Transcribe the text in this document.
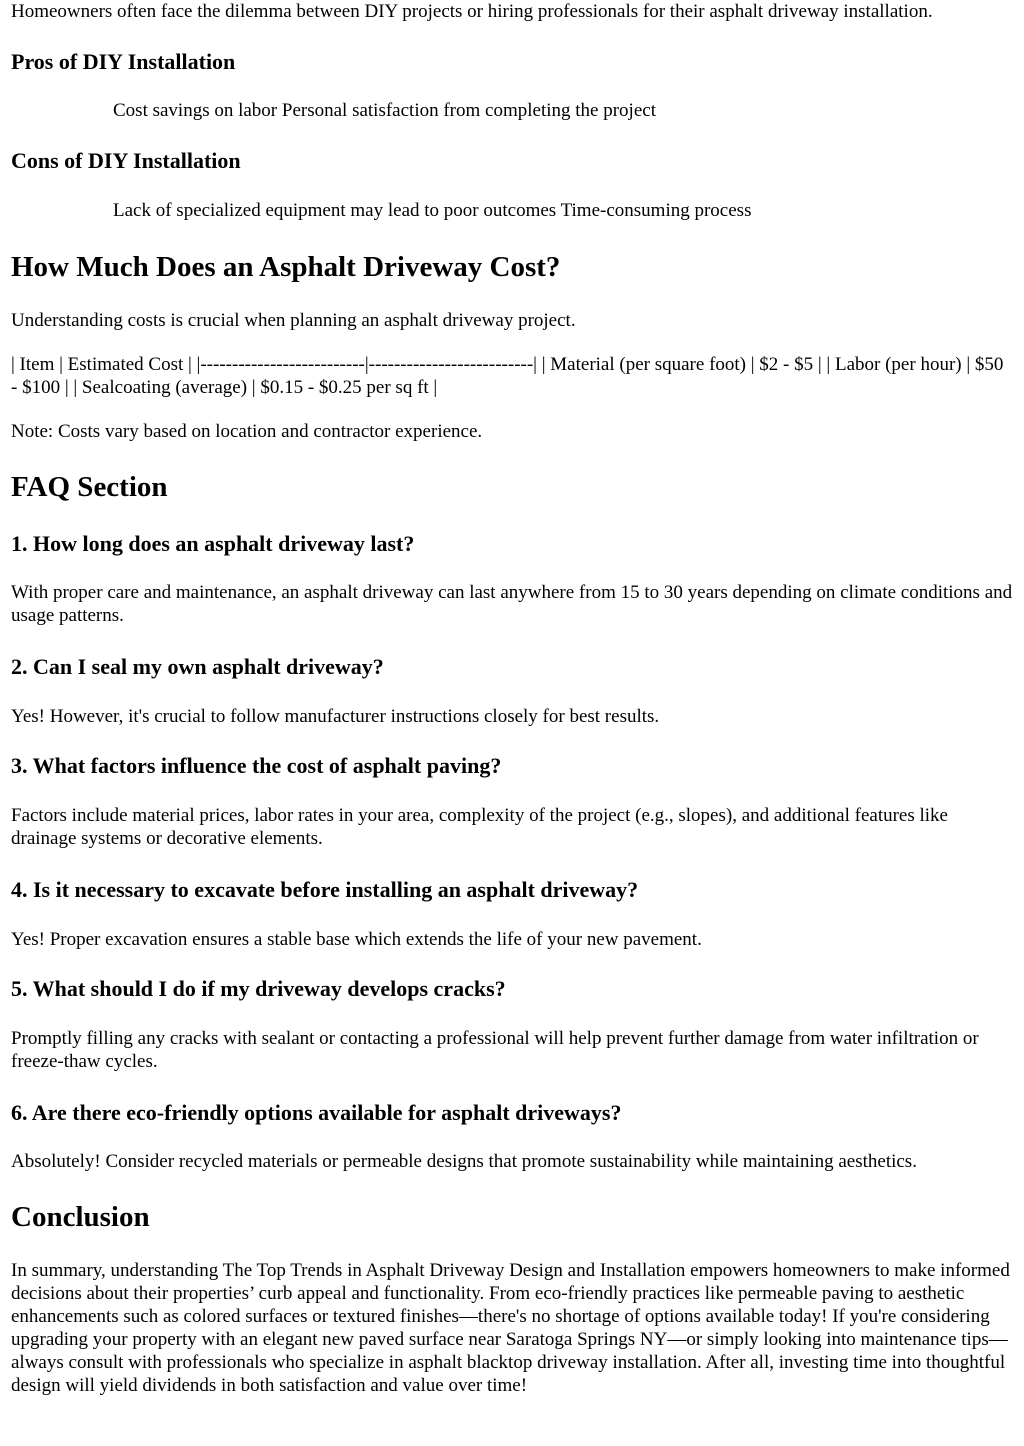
Homeowners often face the dilemma between DIY projects or hiring professionals for their asphalt driveway installation.

Pros of DIY Installation
Cost savings on labor Personal satisfaction from completing the project
Cons of DIY Installation
Lack of specialized equipment may lead to poor outcomes Time-consuming process
How Much Does an Asphalt Driveway Cost?

Understanding costs is crucial when planning an asphalt driveway project.

| Item | Estimated Cost | |--------------------------|--------------------------| | Material (per square foot) | $2 - $5 | | Labor (per hour) | $50 - $100 | | Sealcoating (average) | $0.15 - $0.25 per sq ft |

Note: Costs vary based on location and contractor experience.

FAQ Section
1. How long does an asphalt driveway last?

With proper care and maintenance, an asphalt driveway can last anywhere from 15 to 30 years depending on climate conditions and usage patterns.

2. Can I seal my own asphalt driveway?

Yes! However, it's crucial to follow manufacturer instructions closely for best results.

3. What factors influence the cost of asphalt paving?

Factors include material prices, labor rates in your area, complexity of the project (e.g., slopes), and additional features like drainage systems or decorative elements.

4. Is it necessary to excavate before installing an asphalt driveway?

Yes! Proper excavation ensures a stable base which extends the life of your new pavement.

5. What should I do if my driveway develops cracks?

Promptly filling any cracks with sealant or contacting a professional will help prevent further damage from water infiltration or freeze-thaw cycles.

6. Are there eco-friendly options available for asphalt driveways?

Absolutely! Consider recycled materials or permeable designs that promote sustainability while maintaining aesthetics.

Conclusion

In summary, understanding The Top Trends in Asphalt Driveway Design and Installation empowers homeowners to make informed decisions about their properties’ curb appeal and functionality. From eco-friendly practices like permeable paving to aesthetic enhancements such as colored surfaces or textured finishes—there's no shortage of options available today! If you're considering upgrading your property with an elegant new paved surface near Saratoga Springs NY—or simply looking into maintenance tips—always consult with professionals who specialize in asphalt blacktop driveway installation. After all, investing time into thoughtful design will yield dividends in both satisfaction and value over time!
